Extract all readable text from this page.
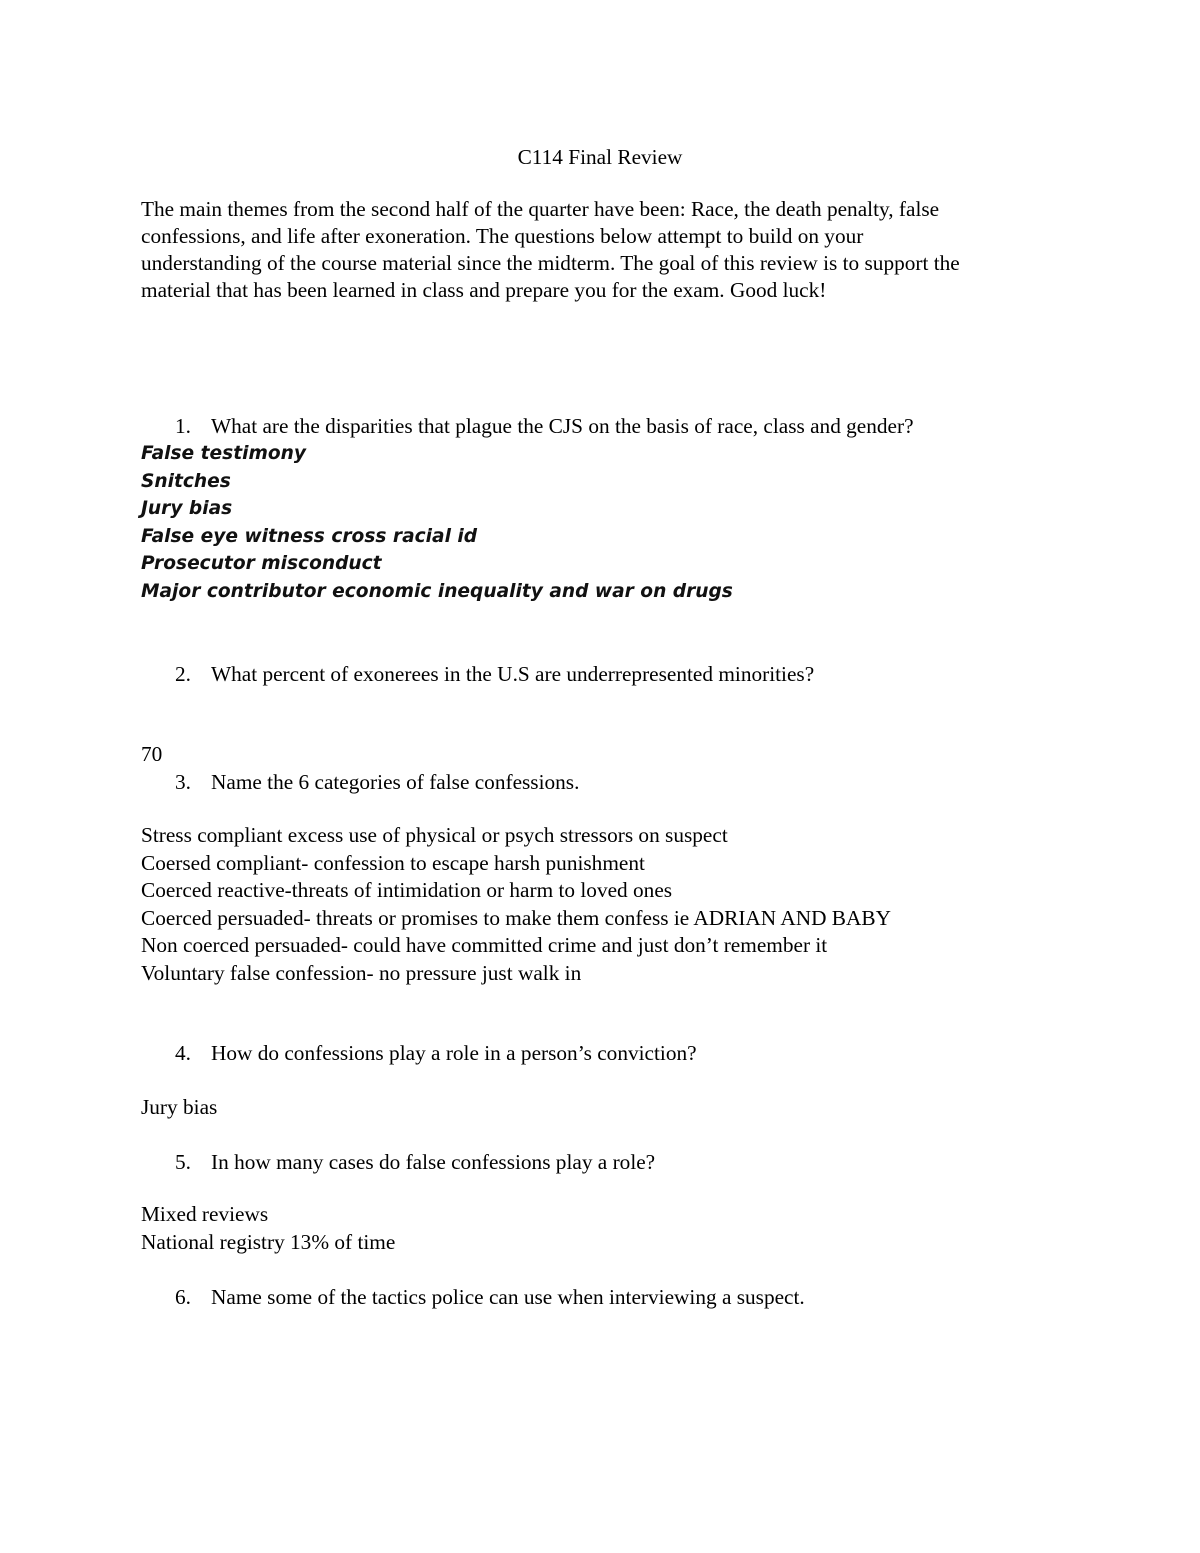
C114 Final Review
The main themes from the second half of the quarter have been: Race, the death penalty, false
confessions, and life after exoneration. The questions below attempt to build on your
understanding of the course material since the midterm. The goal of this review is to support the
material that has been learned in class and prepare you for the exam. Good luck!
1. What are the disparities that plague the CJS on the basis of race, class and gender?
False testimony
Snitches
Jury bias
False eye witness cross racial id
Prosecutor misconduct
Major contributor economic inequality and war on drugs
2. What percent of exonerees in the U.S are underrepresented minorities?
70
3. Name the 6 categories of false confessions.
Stress compliant excess use of physical or psych stressors on suspect
Coersed compliant- confession to escape harsh punishment
Coerced reactive-threats of intimidation or harm to loved ones
Coerced persuaded- threats or promises to make them confess ie ADRIAN AND BABY
Non coerced persuaded- could have committed crime and just don’t remember it
Voluntary false confession- no pressure just walk in
4. How do confessions play a role in a person’s conviction?
Jury bias
5. In how many cases do false confessions play a role?
Mixed reviews
National registry 13% of time
6. Name some of the tactics police can use when interviewing a suspect.
